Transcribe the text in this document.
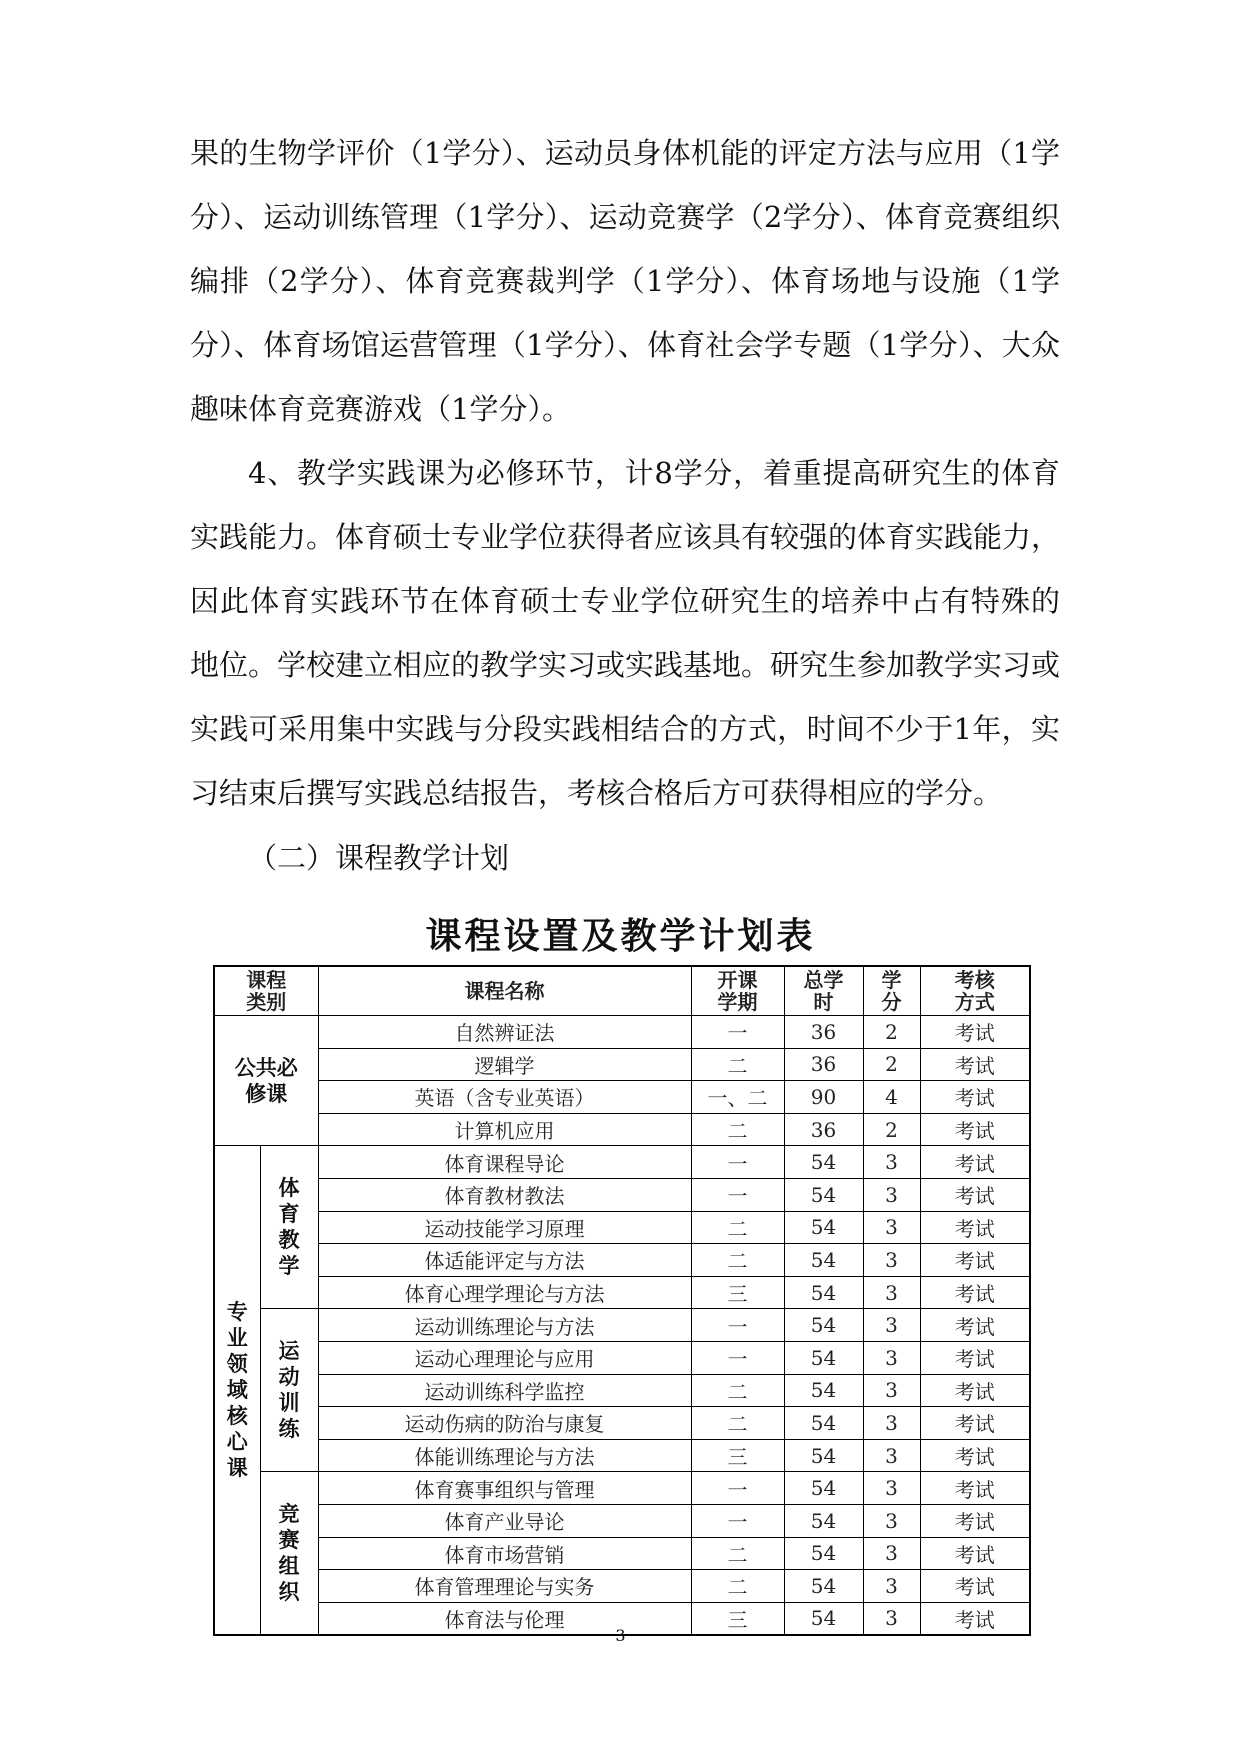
果的生物学评价（1学分）、运动员身体机能的评定方法与应用（1学
分）、运动训练管理（1学分）、运动竞赛学（2学分）、体育竞赛组织
编排（2学分）、体育竞赛裁判学（1学分）、体育场地与设施（1学
分）、体育场馆运营管理（1学分）、体育社会学专题（1学分）、大众
趣味体育竞赛游戏（1学分）。
4、教学实践课为必修环节，计8学分，着重提高研究生的体育
实践能力。体育硕士专业学位获得者应该具有较强的体育实践能力，
因此体育实践环节在体育硕士专业学位研究生的培养中占有特殊的
地位。学校建立相应的教学实习或实践基地。研究生参加教学实习或
实践可采用集中实践与分段实践相结合的方式，时间不少于1年，实
习结束后撰写实践总结报告，考核合格后方可获得相应的学分。
（二）课程教学计划
课程设置及教学计划表
课程类别		课程名称	开课学期	总学时	学分	考核方式
公共必修课		自然辨证法	一	36	2	考试
		逻辑学	二	36	2	考试
		英语（含专业英语）	一、二	90	4	考试
		计算机应用	二	36	2	考试
专业领域核心课	体育教学	体育课程导论	一	54	3	考试
		体育教材教法	一	54	3	考试
		运动技能学习原理	二	54	3	考试
		体适能评定与方法	二	54	3	考试
		体育心理学理论与方法	三	54	3	考试
	运动训练	运动训练理论与方法	一	54	3	考试
		运动心理理论与应用	一	54	3	考试
		运动训练科学监控	二	54	3	考试
		运动伤病的防治与康复	二	54	3	考试
		体能训练理论与方法	三	54	3	考试
	竞赛组织	体育赛事组织与管理	一	54	3	考试
		体育产业导论	一	54	3	考试
		体育市场营销	二	54	3	考试
		体育管理理论与实务	二	54	3	考试
		体育法与伦理	三	54	3	考试
3
